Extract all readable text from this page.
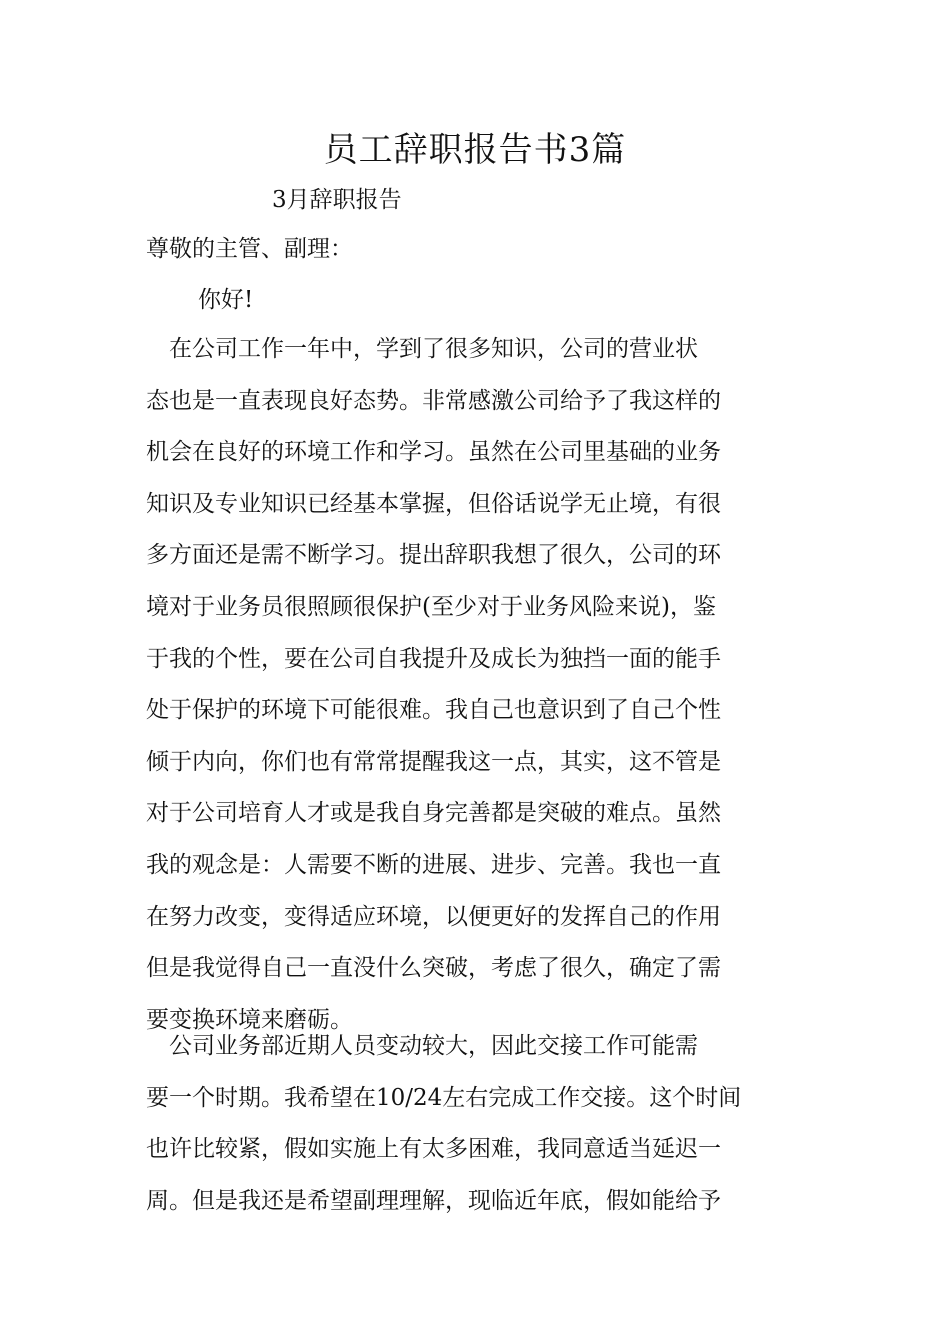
员工辞职报告书3篇
3月辞职报告
尊敬的主管、副理：
你好!
　在公司工作一年中，学到了很多知识，公司的营业状
态也是一直表现良好态势。非常感激公司给予了我这样的
机会在良好的环境工作和学习。虽然在公司里基础的业务
知识及专业知识已经基本掌握，但俗话说学无止境，有很
多方面还是需不断学习。提出辞职我想了很久，公司的环
境对于业务员很照顾很保护(至少对于业务风险来说)，鉴
于我的个性，要在公司自我提升及成长为独挡一面的能手
处于保护的环境下可能很难。我自己也意识到了自己个性
倾于内向，你们也有常常提醒我这一点，其实，这不管是
对于公司培育人才或是我自身完善都是突破的难点。虽然
我的观念是：人需要不断的进展、进步、完善。我也一直
在努力改变，变得适应环境，以便更好的发挥自己的作用
但是我觉得自己一直没什么突破，考虑了很久，确定了需
要变换环境来磨砺。
　公司业务部近期人员变动较大，因此交接工作可能需
要一个时期。我希望在10/24左右完成工作交接。这个时间
也许比较紧，假如实施上有太多困难，我同意适当延迟一
周。但是我还是希望副理理解，现临近年底，假如能给予
